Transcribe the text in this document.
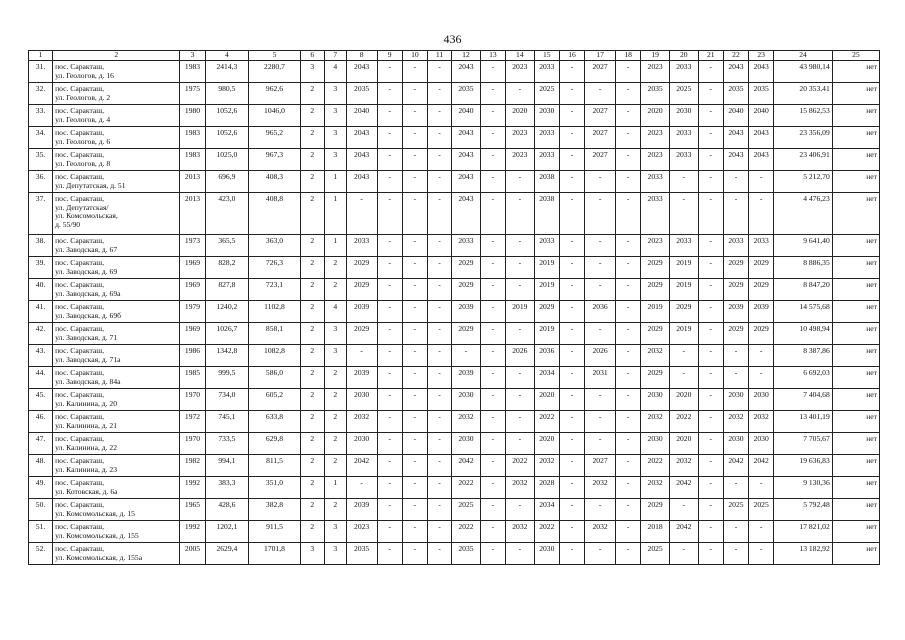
436
1	2	3	4	5	6	7	8	9	10	11	12	13	14	15	16	17	18	19	20	21	22	23	24	25
31.	пос. Саракташ,
ул. Геологов, д. 16	1983	2414,3	2280,7	3	4	2043	-	-	-	2043	-	2023	2033	-	2027	-	2023	2033	-	2043	2043	43 980,14	нет
32.	пос. Саракташ,
ул. Геологов, д. 2	1975	980,5	962,6	2	3	2035	-	-	-	2035	-	-	2025	-	-	-	2035	2025	-	2035	2035	20 353,41	нет
33.	пос. Саракташ,
ул. Геологов, д. 4	1980	1052,6	1046,0	2	3	2040	-	-	-	2040	-	2020	2030	-	2027	-	2020	2030	-	2040	2040	15 862,53	нет
34.	пос. Саракташ,
ул. Геологов, д. 6	1983	1052,6	965,2	2	3	2043	-	-	-	2043	-	2023	2033	-	2027	-	2023	2033	-	2043	2043	23 356,09	нет
35.	пос. Саракташ,
ул. Геологов, д. 8	1983	1025,0	967,3	2	3	2043	-	-	-	2043	-	2023	2033	-	2027	-	2023	2033	-	2043	2043	23 406,91	нет
36.	пос. Саракташ,
ул. Депутатская, д. 51	2013	696,9	408,3	2	1	2043	-	-	-	2043	-	-	2038	-	-	-	2033	-	-	-	-	5 212,70	нет
37.	пос. Саракташ,
ул. Депутатская/
ул. Комсомольская,
д. 55/90	2013	423,0	408,8	2	1	-	-	-	-	2043	-	-	2038	-	-	-	2033	-	-	-	-	4 476,23	нет
38.	пос. Саракташ,
ул. Заводская, д. 67	1973	365,5	363,0	2	1	2033	-	-	-	2033	-	-	2033	-	-	-	2023	2033	-	2033	2033	9 641,40	нет
39.	пос. Саракташ,
ул. Заводская, д. 69	1969	828,2	726,3	2	2	2029	-	-	-	2029	-	-	2019	-	-	-	2029	2019	-	2029	2029	8 886,35	нет
40.	пос. Саракташ,
ул. Заводская, д. 69а	1969	827,8	723,1	2	2	2029	-	-	-	2029	-	-	2019	-	-	-	2029	2019	-	2029	2029	8 847,20	нет
41.	пос. Саракташ,
ул. Заводская, д. 69б	1979	1240,2	1102,8	2	4	2039	-	-	-	2039	-	2019	2029	-	2036	-	2019	2029	-	2039	2039	14 575,68	нет
42.	пос. Саракташ,
ул. Заводская, д. 71	1969	1026,7	858,1	2	3	2029	-	-	-	2029	-	-	2019	-	-	-	2029	2019	-	2029	2029	10 498,94	нет
43.	пос. Саракташ,
ул. Заводская, д. 71а	1986	1342,8	1082,8	2	3	-	-	-	-	-	-	2026	2036	-	2026	-	2032	-	-	-	-	8 387,86	нет
44.	пос. Саракташ,
ул. Заводская, д. 84а	1985	999,5	586,0	2	2	2039	-	-	-	2039	-	-	2034	-	2031	-	2029	-	-	-	-	6 692,03	нет
45.	пос. Саракташ,
ул. Калинина, д. 20	1970	734,0	605,2	2	2	2030	-	-	-	2030	-	-	2020	-	-	-	2030	2020	-	2030	2030	7 404,68	нет
46.	пос. Саракташ,
ул. Калинина, д. 21	1972	745,1	633,8	2	2	2032	-	-	-	2032	-	-	2022	-	-	-	2032	2022	-	2032	2032	13 401,19	нет
47.	пос. Саракташ,
ул. Калинина, д. 22	1970	733,5	629,8	2	2	2030	-	-	-	2030	-	-	2020	-	-	-	2030	2020	-	2030	2030	7 705,67	нет
48.	пос. Саракташ,
ул. Калинина, д. 23	1982	994,1	811,5	2	2	2042	-	-	-	2042	-	2022	2032	-	2027	-	2022	2032	-	2042	2042	19 636,83	нет
49.	пос. Саракташ,
ул. Котовская, д. 6а	1992	383,3	351,0	2	1	-	-	-	-	2022	-	2032	2028	-	2032	-	2032	2042	-	-	-	9 130,36	нет
50.	пос. Саракташ,
ул. Комсомольская, д. 15	1965	428,6	382,8	2	2	2039	-	-	-	2025	-	-	2034	-	-	-	2029	-	-	2025	2025	5 792,48	нет
51.	пос. Саракташ,
ул. Комсомольская, д. 155	1992	1202,1	911,5	2	3	2023	-	-	-	2022	-	2032	2022	-	2032	-	2018	2042	-	-	-	17 821,02	нет
52.	пос. Саракташ,
ул. Комсомольская, д. 155а	2005	2629,4	1701,8	3	3	2035	-	-	-	2035	-	-	2030	-	-	-	2025	-	-	-	-	13 182,92	нет
